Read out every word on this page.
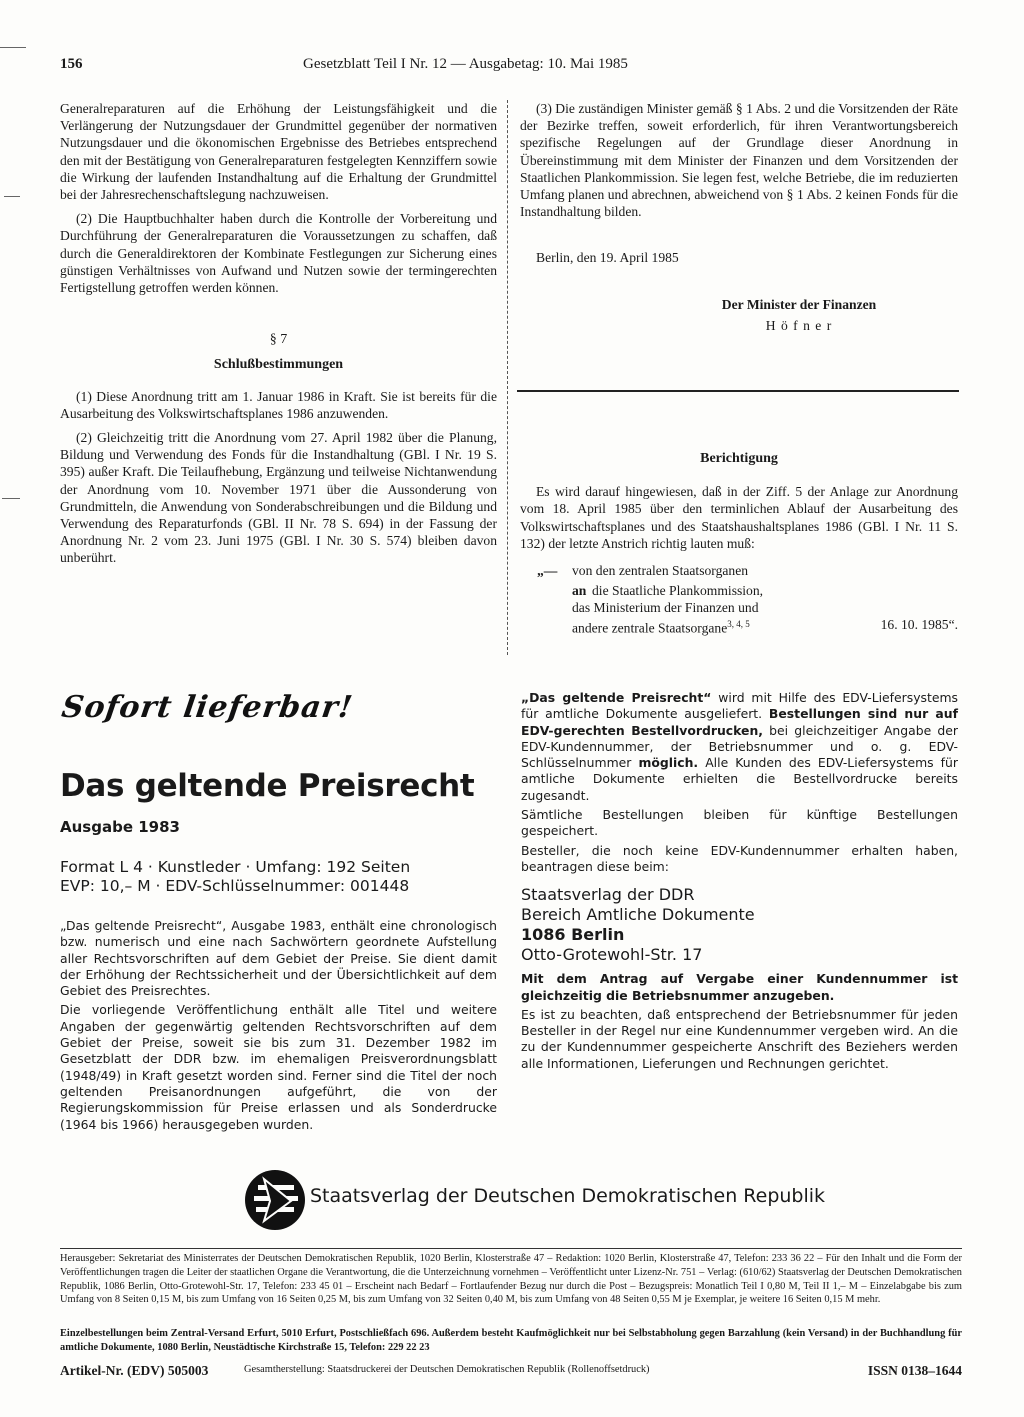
156	Gesetzblatt Teil I Nr. 12 — Ausgabetag: 10. Mai 1985

Generalreparaturen auf die Erhöhung der Leistungsfähigkeit und die Verlängerung der Nutzungsdauer der Grundmittel gegenüber der normativen Nutzungsdauer und die ökonomischen Ergebnisse des Betriebes entsprechend den mit der Bestätigung von Generalreparaturen festgelegten Kennziffern sowie die Wirkung der laufenden Instandhaltung auf die Erhaltung der Grundmittel bei der Jahresrechenschaftslegung nachzuweisen.

(2) Die Hauptbuchhalter haben durch die Kontrolle der Vorbereitung und Durchführung der Generalreparaturen die Voraussetzungen zu schaffen, daß durch die Generaldirektoren der Kombinate Festlegungen zur Sicherung eines günstigen Verhältnisses von Aufwand und Nutzen sowie der termingerechten Fertigstellung getroffen werden können.

§ 7

Schlußbestimmungen

(1) Diese Anordnung tritt am 1. Januar 1986 in Kraft. Sie ist bereits für die Ausarbeitung des Volkswirtschaftsplanes 1986 anzuwenden.

(2) Gleichzeitig tritt die Anordnung vom 27. April 1982 über die Planung, Bildung und Verwendung des Fonds für die Instandhaltung (GBl. I Nr. 19 S. 395) außer Kraft. Die Teilaufhebung, Ergänzung und teilweise Nichtanwendung der Anordnung vom 10. November 1971 über die Aussonderung von Grundmitteln, die Anwendung von Sonderabschreibungen und die Bildung und Verwendung des Reparaturfonds (GBl. II Nr. 78 S. 694) in der Fassung der Anordnung Nr. 2 vom 23. Juni 1975 (GBl. I Nr. 30 S. 574) bleiben davon unberührt.

(3) Die zuständigen Minister gemäß § 1 Abs. 2 und die Vorsitzenden der Räte der Bezirke treffen, soweit erforderlich, für ihren Verantwortungsbereich spezifische Regelungen auf der Grundlage dieser Anordnung in Übereinstimmung mit dem Minister der Finanzen und dem Vorsitzenden der Staatlichen Plankommission. Sie legen fest, welche Betriebe, die im reduzierten Umfang planen und abrechnen, abweichend von § 1 Abs. 2 keinen Fonds für die Instandhaltung bilden.

Berlin, den 19. April 1985

Der Minister der Finanzen

H ö f n e r

Berichtigung

Es wird darauf hingewiesen, daß in der Ziff. 5 der Anlage zur Anordnung vom 18. April 1985 über den terminlichen Ablauf der Ausarbeitung des Volkswirtschaftsplanes und des Staatshaushaltsplanes 1986 (GBl. I Nr. 11 S. 132) der letzte Anstrich richtig lauten muß:

„— von den zentralen Staatsorganen
an die Staatliche Plankommission,
das Ministerium der Finanzen und
andere zentrale Staatsorgane$^{3, 4, 5}$	16. 10. 1985“.
Sofort lieferbar!
Das geltende Preisrecht
Ausgabe 1983
Format L 4 · Kunstleder · Umfang: 192 Seiten
EVP: 10,– M · EDV-Schlüsselnummer: 001448

„Das geltende Preisrecht“, Ausgabe 1983, enthält eine chronologisch bzw. numerisch und eine nach Sachwörtern geordnete Aufstellung aller Rechtsvorschriften auf dem Gebiet der Preise. Sie dient damit der Erhöhung der Rechtssicherheit und der Übersichtlichkeit auf dem Gebiet des Preisrechtes.

Die vorliegende Veröffentlichung enthält alle Titel und weitere Angaben der gegenwärtig geltenden Rechtsvorschriften auf dem Gebiet der Preise, soweit sie bis zum 31. Dezember 1982 im Gesetzblatt der DDR bzw. im ehemaligen Preisverordnungsblatt (1948/49) in Kraft gesetzt worden sind. Ferner sind die Titel der noch geltenden Preisanordnungen aufgeführt, die von der Regierungskommission für Preise erlassen und als Sonderdrucke (1964 bis 1966) herausgegeben wurden.

„Das geltende Preisrecht“ wird mit Hilfe des EDV-Liefersystems für amtliche Dokumente ausgeliefert. Bestellungen sind nur auf EDV-gerechten Bestellvordrucken, bei gleichzeitiger Angabe der EDV-Kundennummer, der Betriebsnummer und o. g. EDV-Schlüsselnummer möglich. Alle Kunden des EDV-Liefersystems für amtliche Dokumente erhielten die Bestellvordrucke bereits zugesandt.

Sämtliche Bestellungen bleiben für künftige Bestellungen gespeichert.

Besteller, die noch keine EDV-Kundennummer erhalten haben, beantragen diese beim:

Staatsverlag der DDR
Bereich Amtliche Dokumente
1086 Berlin
Otto-Grotewohl-Str. 17

Mit dem Antrag auf Vergabe einer Kundennummer ist gleichzeitig die Betriebsnummer anzugeben.

Es ist zu beachten, daß entsprechend der Betriebsnummer für jeden Besteller in der Regel nur eine Kundennummer vergeben wird. An die zu der Kundennummer gespeicherte Anschrift des Beziehers werden alle Informationen, Lieferungen und Rechnungen gerichtet.

Staatsverlag der Deutschen Demokratischen Republik
Herausgeber: Sekretariat des Ministerrates der Deutschen Demokratischen Republik, 1020 Berlin, Klosterstraße 47 – Redaktion: 1020 Berlin, Klosterstraße 47, Telefon: 233 36 22 – Für den Inhalt und die Form der Veröffentlichungen tragen die Leiter der staatlichen Organe die Verantwortung, die die Unterzeichnung vornehmen – Veröffentlicht unter Lizenz-Nr. 751 – Verlag: (610/62) Staatsverlag der Deutschen Demokratischen Republik, 1086 Berlin, Otto-Grotewohl-Str. 17, Telefon: 233 45 01 – Erscheint nach Bedarf – Fortlaufender Bezug nur durch die Post – Bezugspreis: Monatlich Teil I 0,80 M, Teil II 1,– M – Einzelabgabe bis zum Umfang von 8 Seiten 0,15 M, bis zum Umfang von 16 Seiten 0,25 M, bis zum Umfang von 32 Seiten 0,40 M, bis zum Umfang von 48 Seiten 0,55 M je Exemplar, je weitere 16 Seiten 0,15 M mehr.
Einzelbestellungen beim Zentral-Versand Erfurt, 5010 Erfurt, Postschließfach 696. Außerdem besteht Kaufmöglichkeit nur bei Selbstabholung gegen Barzahlung (kein Versand) in der Buchhandlung für amtliche Dokumente, 1080 Berlin, Neustädtische Kirchstraße 15, Telefon: 229 22 23
Artikel-Nr. (EDV) 505003	Gesamtherstellung: Staatsdruckerei der Deutschen Demokratischen Republik (Rollenoffsetdruck)	ISSN 0138–1644
